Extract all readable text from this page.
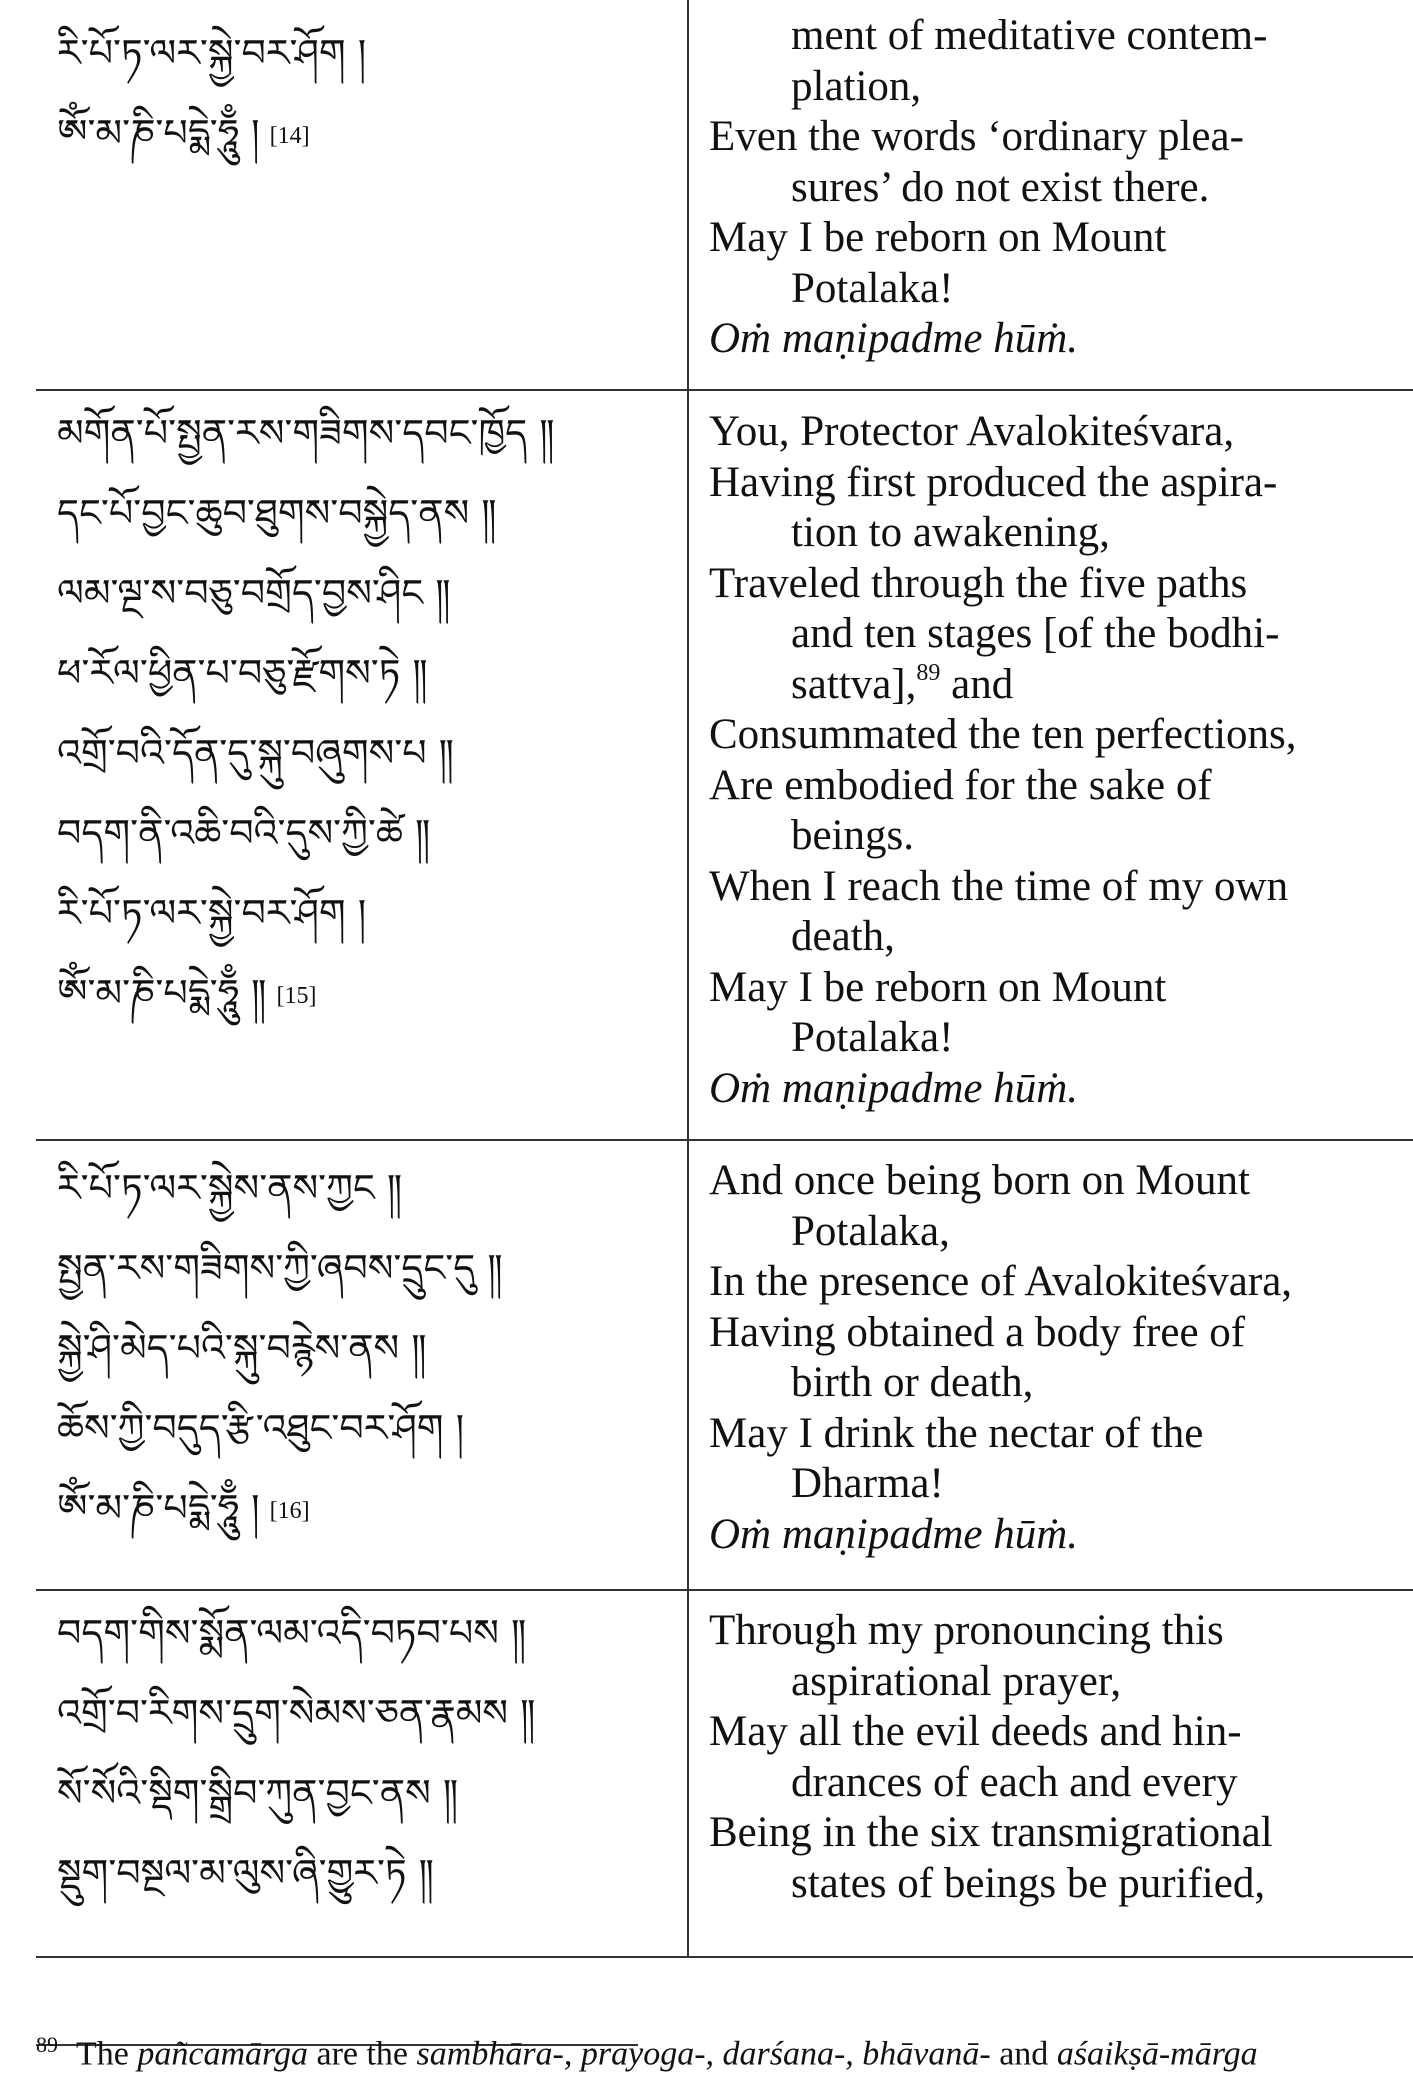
རི་པོ་ཏ་ལར་སྐྱེ་བར་ཤོག །
ཨོཾ་མ་ཎི་པདྨེ་ཧཱུྃ ། [14]
ment of meditative contem-
plation,
Even the words ‘ordinary plea-
sures’ do not exist there.
May I be reborn on Mount
Potalaka!
Oṁ maṇipadme hūṁ.
མགོན་པོ་སྤྱན་རས་གཟིགས་དབང་ཁྱོད ༎
དང་པོ་བྱང་ཆུབ་ཐུགས་བསྐྱེད་ནས ༎
ལམ་ལྔ་ས་བཅུ་བགྲོད་བྱས་ཤིང ༎
ཕ་རོལ་ཕྱིན་པ་བཅུ་རྫོགས་ཏེ ༎
འགྲོ་བའི་དོན་དུ་སྐུ་བཞུགས་པ ༎
བདག་ནི་འཆི་བའི་དུས་ཀྱི་ཚེ ༎
རི་པོ་ཏ་ལར་སྐྱེ་བར་ཤོག །
ཨོཾ་མ་ཎི་པདྨེ་ཧཱུྃ ༎ [15]
You, Protector Avalokiteśvara,
Having first produced the aspira-
tion to awakening,
Traveled through the five paths
and ten stages [of the bodhi-
sattva],$^{89}$ and
Consummated the ten perfections,
Are embodied for the sake of
beings.
When I reach the time of my own
death,
May I be reborn on Mount
Potalaka!
Oṁ maṇipadme hūṁ.
རི་པོ་ཏ་ལར་སྐྱེས་ནས་ཀྱང ༎
སྤྱན་རས་གཟིགས་ཀྱི་ཞབས་དྲུང་དུ ༎
སྐྱེ་ཤི་མེད་པའི་སྐུ་བརྙེས་ནས ༎
ཆོས་ཀྱི་བདུད་རྩི་འཐུང་བར་ཤོག །
ཨོཾ་མ་ཎི་པདྨེ་ཧཱུྃ ། [16]
And once being born on Mount
Potalaka,
In the presence of Avalokiteśvara,
Having obtained a body free of
birth or death,
May I drink the nectar of the
Dharma!
Oṁ maṇipadme hūṁ.
བདག་གིས་སྨོན་ལམ་འདི་བཏབ་པས ༎
འགྲོ་བ་རིགས་དྲུག་སེམས་ཅན་རྣམས ༎
སོ་སོའི་སྡིག་སྒྲིབ་ཀུན་བྱང་ནས ༎
སྡུག་བསྔལ་མ་ལུས་ཞི་གྱུར་ཏེ ༎
Through my pronouncing this
aspirational prayer,
May all the evil deeds and hin-
drances of each and every
Being in the six transmigrational
states of beings be purified,
$^{89}$ The pañcamārga are the sambhāra-, prayoga-, darśana-, bhāvanā- and aśaikṣā-mārga
